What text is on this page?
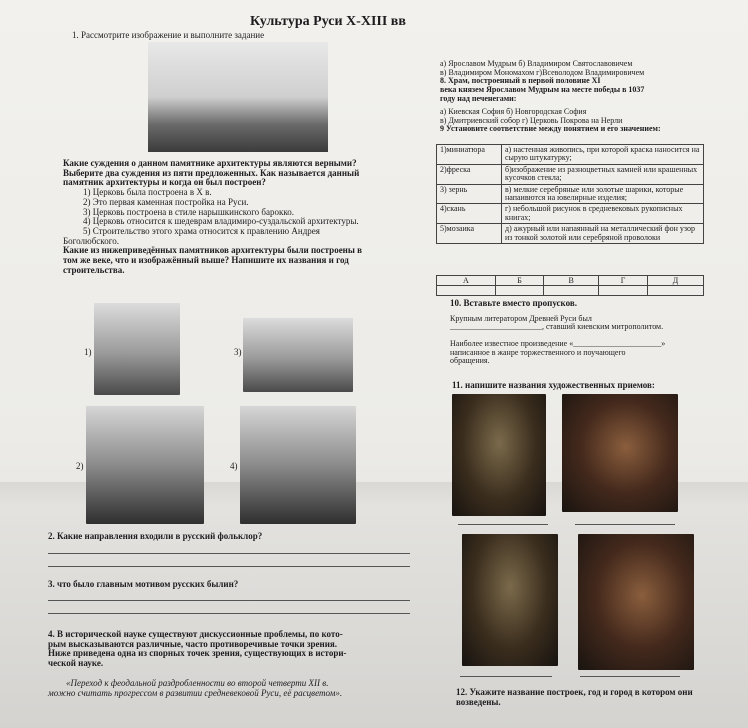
Культура Руси X-XIII вв

1. Рассмотрите изображение и выполните задание

Какие суждения о данном памятнике архитектуры являются верными?

Выберите два суждения из пяти предложенных. Как называется данный

памятник архитектуры и когда он был построен?

1) Церковь была построена в X в.

2) Это первая каменная постройка на Руси.

3) Церковь построена в стиле нарышкинского барокко.

4) Церковь относится к шедеврам владимиро-суздальской архитектуры.

5) Строительство этого храма относится к правлению Андрея

Боголюбского.

Какие из нижеприведённых памятников архитектуры были построены в

том же веке, что и изображённый выше? Напишите их названия и год

строительства.

1)	3)
2)	4)

а) Ярославом Мудрым б) Владимиром Святославовичем

в) Владимиром Мономахом г)Всеволодом Владимировичем

8. Храм, построенный в первой половине XI

века князем Ярославом Мудрым на месте победы в 1037

году над печенегами:

а) Киевская София б) Новгородская София

в) Дмитриевский собор г) Церковь Покрова на Нерли

9 Установите соответствие между понятием и его значением:

1)миниатюра	а) настенная живопись, при которой краска наносится на сырую штукатурку;
2)фреска	б)изображение из разноцветных камней или крашенных кусочков стекла;
3) зернь	в) мелкие серебряные или золотые шарики, которые напаивются на ювелирные изделия;
4)скань	г) небольшой рисунок в средневековых рукописных книгах;
5)мозаика	д) ажурный или напаянный на металлический фон узор из тонкой золотой или серебряной проволоки
А	Б	В	Г	Д

10. Вставьте вместо пропусков.

Крупным литератором Древней Руси был

_______________________, ставший киевским митрополитом.

Наиболее известное произведение «______________________»

написанное в жанре торжественного и поучающего

обращения.

11. напишите названия художественных приемов:

2. Какие направления входили в русский фольклор?

3. что было главным мотивом русских былин?

4. В исторической науке существуют дискуссионные проблемы, по кото-

рым высказываются различные, часто противоречивые точки зрения.

Ниже приведена одна из спорных точек зрения, существующих в истори-

ческой науке.

«Переход к феодальной раздробленности во второй четверти XII в.

можно считать прогрессом в развитии средневековой Руси, её расцветом».	12. Укажите название построек, год и город в котором они

возведены.
